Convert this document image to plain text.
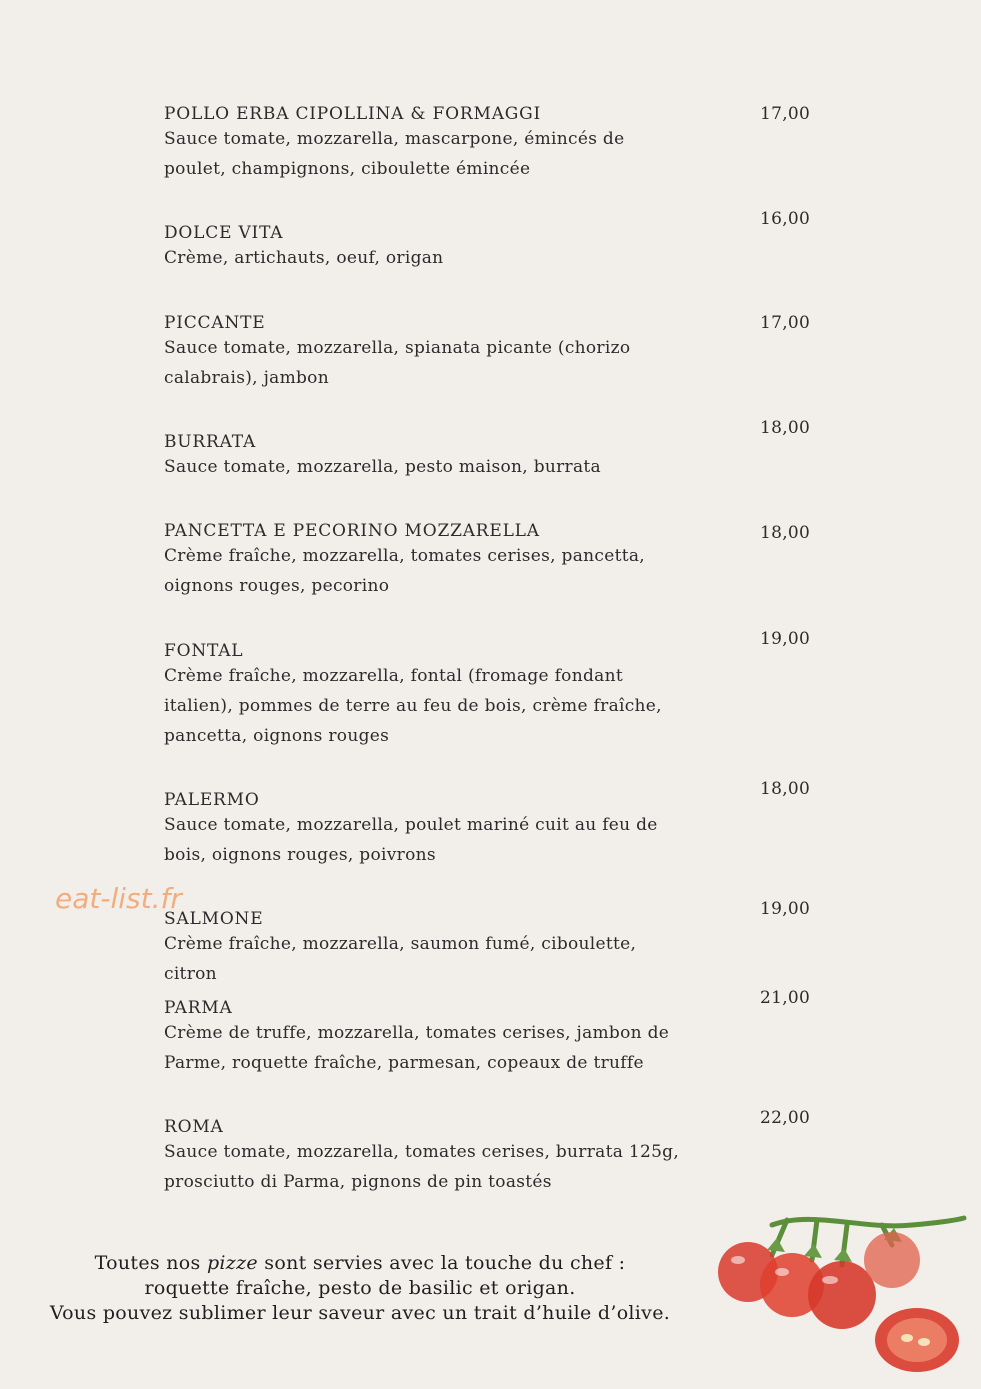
POLLO ERBA CIPOLLINA & FORMAGGI
Sauce tomate, mozzarella, mascarpone, émincés de poulet, champignons, ciboulette émincée
17,00
DOLCE VITA
Crème, artichauts, oeuf, origan
16,00
PICCANTE
Sauce tomate, mozzarella, spianata picante (chorizo calabrais), jambon
17,00
BURRATA
Sauce tomate, mozzarella, pesto maison, burrata
18,00
PANCETTA E PECORINO MOZZARELLA
Crème fraîche, mozzarella, tomates cerises, pancetta, oignons rouges, pecorino
18,00
FONTAL
Crème fraîche, mozzarella, fontal (fromage fondant italien), pommes de terre au feu de bois, crème fraîche, pancetta, oignons rouges
19,00
PALERMO
Sauce tomate, mozzarella, poulet mariné cuit au feu de bois, oignons rouges, poivrons
18,00
SALMONE
Crème fraîche, mozzarella, saumon fumé, ciboulette, citron
19,00
PARMA
Crème de truffe, mozzarella, tomates cerises, jambon de Parme, roquette fraîche, parmesan, copeaux de truffe
21,00
ROMA
Sauce tomate, mozzarella, tomates cerises, burrata 125g, prosciutto di Parma, pignons de pin toastés
22,00
eat-list.fr
Toutes nos pizze sont servies avec la touche du chef :
roquette fraîche, pesto de basilic et origan.
Vous pouvez sublimer leur saveur avec un trait d’huile d’olive.
